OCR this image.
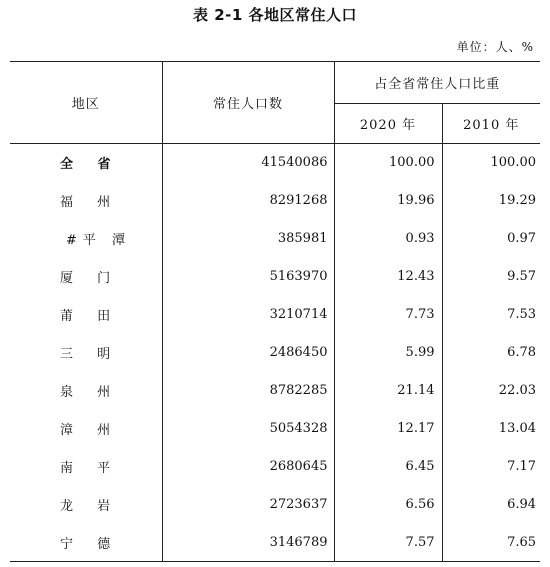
表 2-1 各地区常住人口
单位：人、%
地区	常住人口数	占全省常住人口比重	
		2020 年	2010 年
全 省	41540086	100.00	100.00
福 州	8291268	19.96	19.29
#平 潭	385981	0.93	0.97
厦 门	5163970	12.43	9.57
莆 田	3210714	7.73	7.53
三 明	2486450	5.99	6.78
泉 州	8782285	21.14	22.03
漳 州	5054328	12.17	13.04
南 平	2680645	6.45	7.17
龙 岩	2723637	6.56	6.94
宁 德	3146789	7.57	7.65
